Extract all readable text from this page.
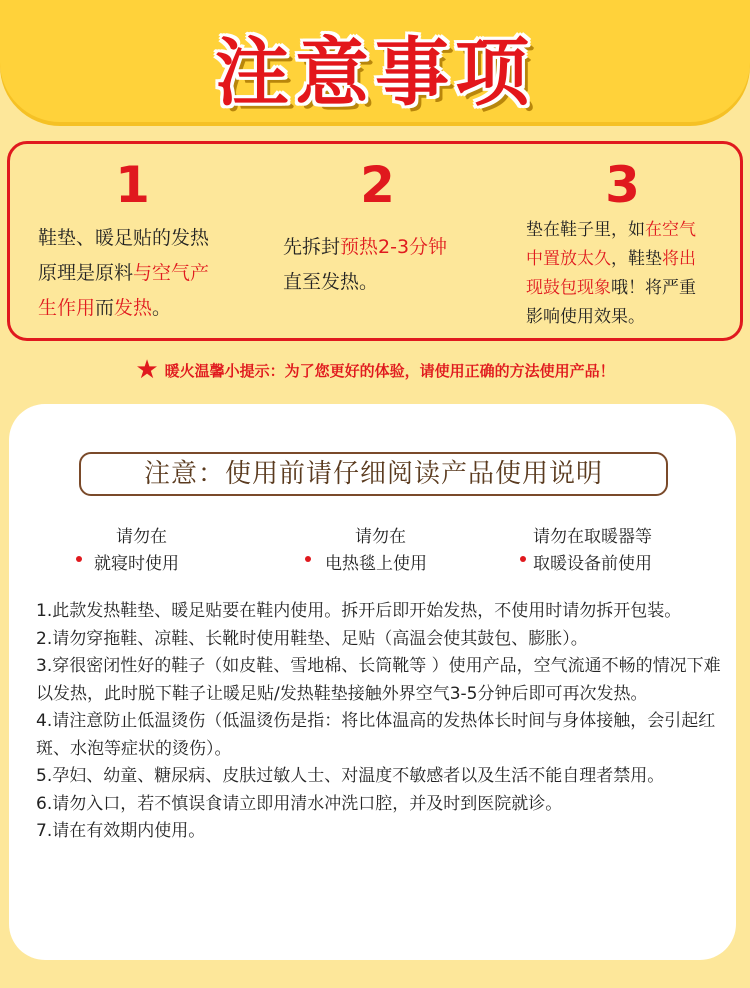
注意事项
1
鞋垫、暖足贴的发热
原理是原料与空气产
生作用而发热。
2
先拆封预热2-3分钟
直至发热。
3
垫在鞋子里，如在空气
中置放太久，鞋垫将出
现鼓包现象哦！将严重
影响使用效果。
★ 暖火温馨小提示：为了您更好的体验，请使用正确的方法使用产品！
注意：使用前请仔细阅读产品使用说明
请勿在
就寝时使用
请勿在
电热毯上使用
请勿在取暖器等
取暖设备前使用

1.此款发热鞋垫、暖足贴要在鞋内使用。拆开后即开始发热，不使用时请勿拆开包装。

2.请勿穿拖鞋、凉鞋、长靴时使用鞋垫、足贴（高温会使其鼓包、膨胀）。

3.穿很密闭性好的鞋子（如皮鞋、雪地棉、长筒靴等 ）使用产品，空气流通不畅的情况下难以发热，此时脱下鞋子让暖足贴/发热鞋垫接触外界空气3-5分钟后即可再次发热。

4.请注意防止低温烫伤（低温烫伤是指：将比体温高的发热体长时间与身体接触，会引起红斑、水泡等症状的烫伤）。

5.孕妇、幼童、糖尿病、皮肤过敏人士、对温度不敏感者以及生活不能自理者禁用。

6.请勿入口，若不慎误食请立即用清水冲洗口腔，并及时到医院就诊。

7.请在有效期内使用。
